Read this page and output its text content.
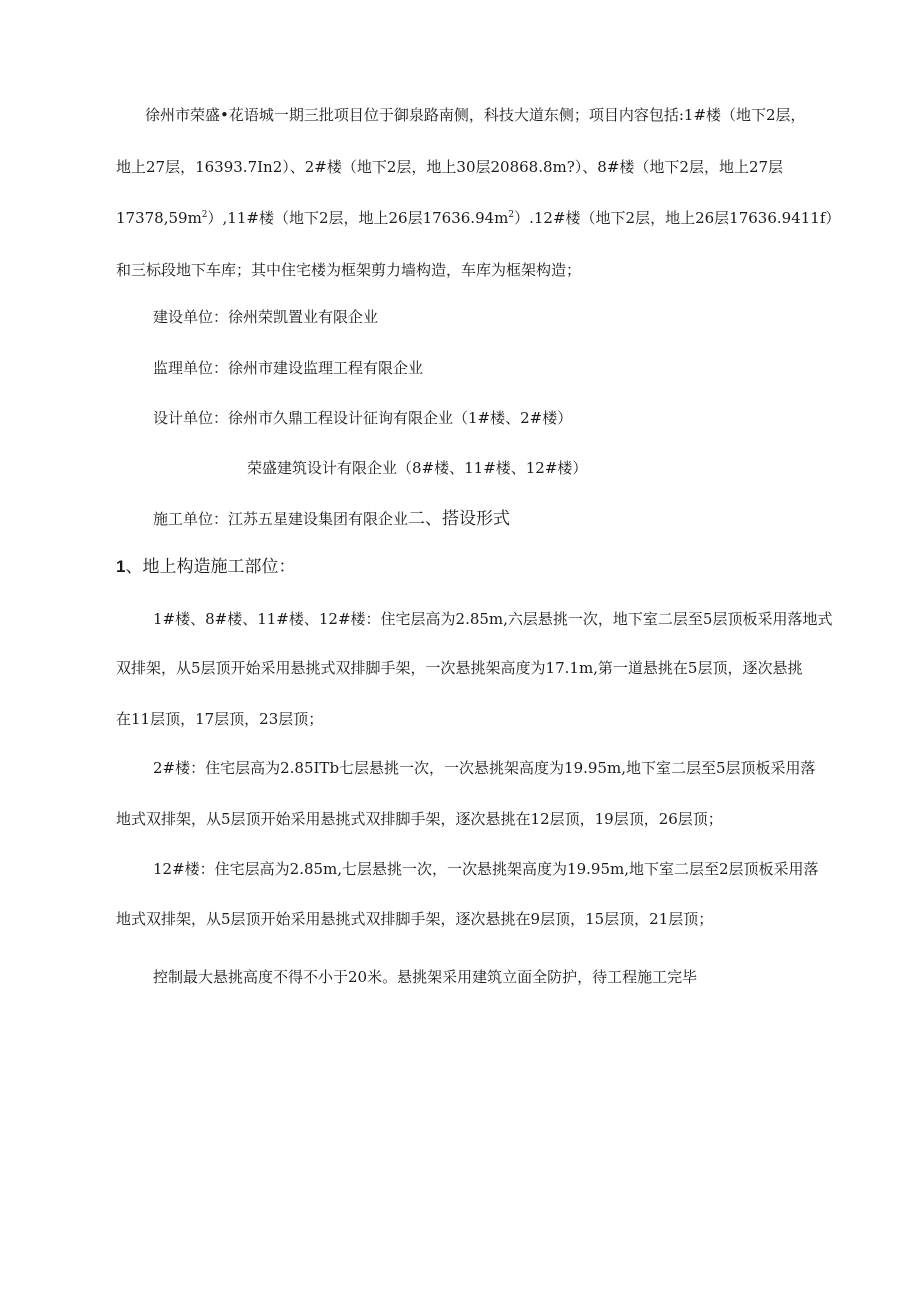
徐州市荣盛•花语城一期三批项目位于御泉路南侧，科技大道东侧；项目内容包括:1#楼（地下2层，
地上27层，16393.7In2）、2#楼（地下2层，地上30层20868.8m?）、8#楼（地下2层，地上27层
$17378,59m^2),11\#$楼（地下2层，地上26层$17636.94m^2).12\#$楼（地下2层，地上26层17636.9411f）
和三标段地下车库；其中住宅楼为框架剪力墙构造，车库为框架构造；
建设单位：徐州荣凯置业有限企业
监理单位：徐州市建设监理工程有限企业
设计单位：徐州市久鼎工程设计征询有限企业（1#楼、2#楼）
荣盛建筑设计有限企业（8#楼、11#楼、12#楼）
施工单位：江苏五星建设集团有限企业二、搭设形式
1、地上构造施工部位：
1#楼、8#楼、11#楼、12#楼：住宅层高为2.85m,六层悬挑一次，地下室二层至5层顶板采用落地式
双排架，从5层顶开始采用悬挑式双排脚手架，一次悬挑架高度为17.1m,第一道悬挑在5层顶，逐次悬挑
在11层顶，17层顶，23层顶；
2#楼：住宅层高为2.85ITb七层悬挑一次，一次悬挑架高度为19.95m,地下室二层至5层顶板采用落
地式双排架，从5层顶开始采用悬挑式双排脚手架，逐次悬挑在12层顶，19层顶，26层顶；
12#楼：住宅层高为2.85m,七层悬挑一次，一次悬挑架高度为19.95m,地下室二层至2层顶板采用落
地式双排架，从5层顶开始采用悬挑式双排脚手架，逐次悬挑在9层顶，15层顶，21层顶；
控制最大悬挑高度不得不小于20米。悬挑架采用建筑立面全防护，待工程施工完毕
